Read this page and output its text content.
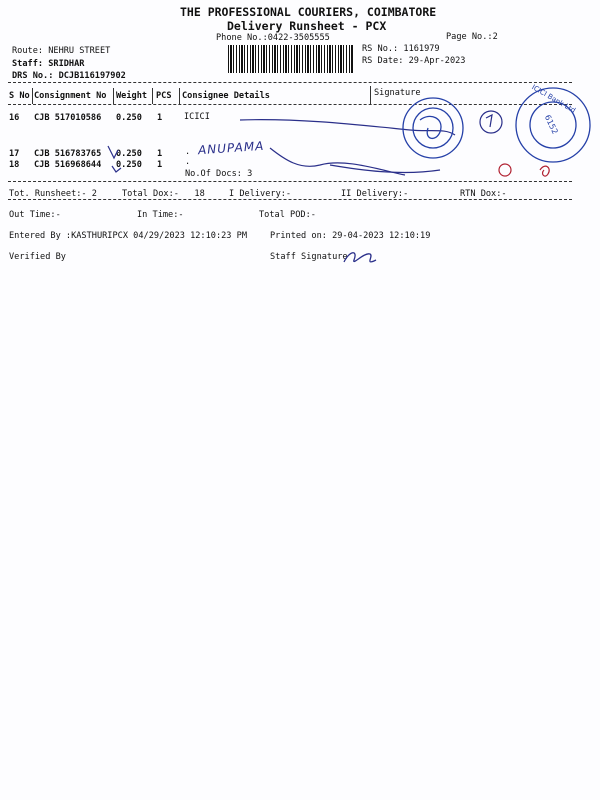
THE PROFESSIONAL COURIERS, COIMBATORE
Delivery Runsheet - PCX
Phone No.:0422-3505555	Page No.:2
Route: NEHRU STREET
Staff: SRIDHAR
DRS No.: DCJB116197902
RS No.: 1161979
RS Date: 29-Apr-2023
S No Consignment No Weight PCS Consignee Details	Signature
16 CJB 517010586 0.250 1	ICICI
17 CJB 516783765 0.250 1	.
18 CJB 516968644 0.250 1	.
No.Of Docs: 3
ANUPAMA
ICICI Bank Ltd
6152
Tot. Runsheet:- 2	Total Dox:-   18	I Delivery:-	II Delivery:-	RTN Dox:-
Out Time:-	In Time:-	Total POD:-
Entered By :KASTHURIPCX 04/29/2023 12:10:23 PM	Printed on: 29-04-2023 12:10:19
Verified By	Staff Signature
